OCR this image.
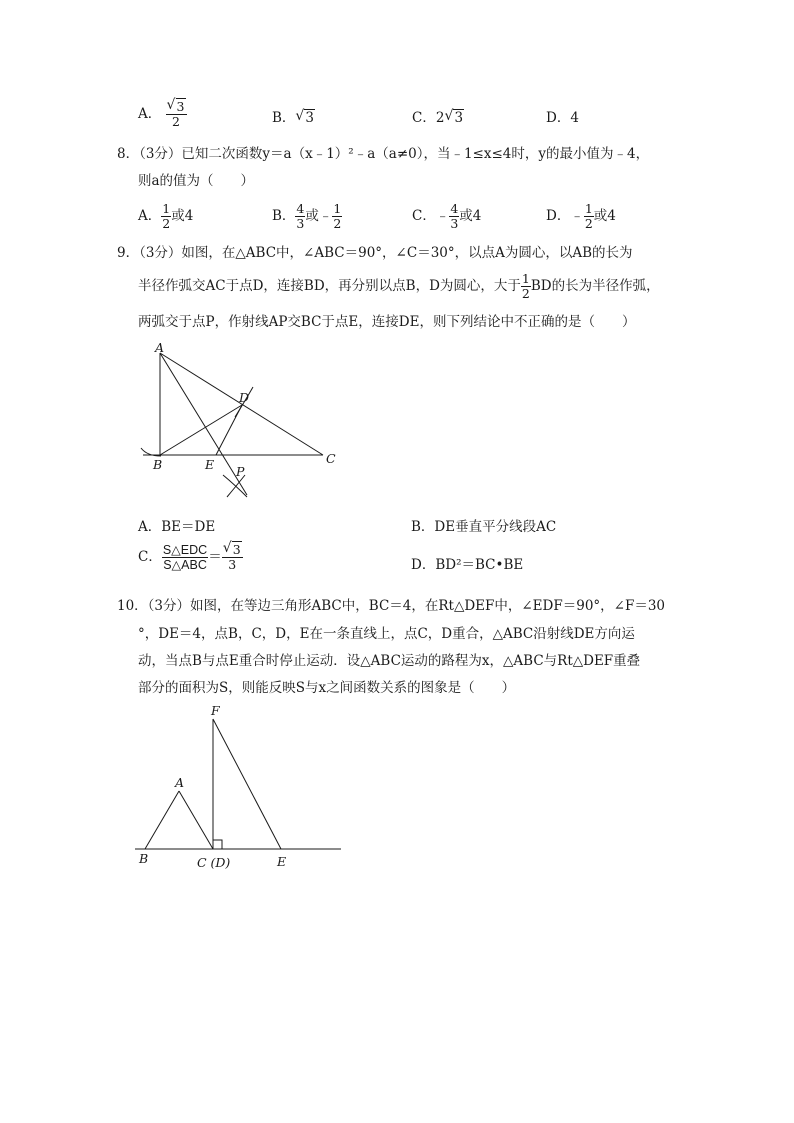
A． $\frac{√ 3}{2}$	B． √ 3	C．2 √ 3	D．4
8．（3分）已知二次函数y＝a（x﹣1）²﹣a（a≠0），当﹣1≤x≤4时，y的最小值为﹣4，
则a的值为（　　）
A． $\frac{1}{2}$ 或4	B． $\frac{4}{3}$ 或﹣ $\frac{1}{2}$	C．﹣ $\frac{4}{3}$ 或4	D．﹣ $\frac{1}{2}$ 或4
9．（3分）如图，在△ABC中，∠ABC＝90°，∠C＝30°，以点A为圆心，以AB的长为
半径作弧交AC于点D，连接BD，再分别以点B，D为圆心，大于 $\frac{1}{2}$ BD的长为半径作弧，
两弧交于点P，作射线AP交BC于点E，连接DE，则下列结论中不正确的是（　　）
A
B	C
D
E P
A．BE＝DE	B．DE垂直平分线段AC
C． $\frac{\text{S△EDC}}{\text{S△ABC}} = \frac{√ 3}{3}$	D．BD²＝BC•BE
10．（3分）如图，在等边三角形ABC中，BC＝4，在Rt△DEF中，∠EDF＝90°，∠F＝30
°，DE＝4，点B，C，D，E在一条直线上，点C，D重合，△ABC沿射线DE方向运
动，当点B与点E重合时停止运动．设△ABC运动的路程为x，△ABC与Rt△DEF重叠
部分的面积为S，则能反映S与x之间函数关系的图象是（　　）
F
A
B	C (D)	E
